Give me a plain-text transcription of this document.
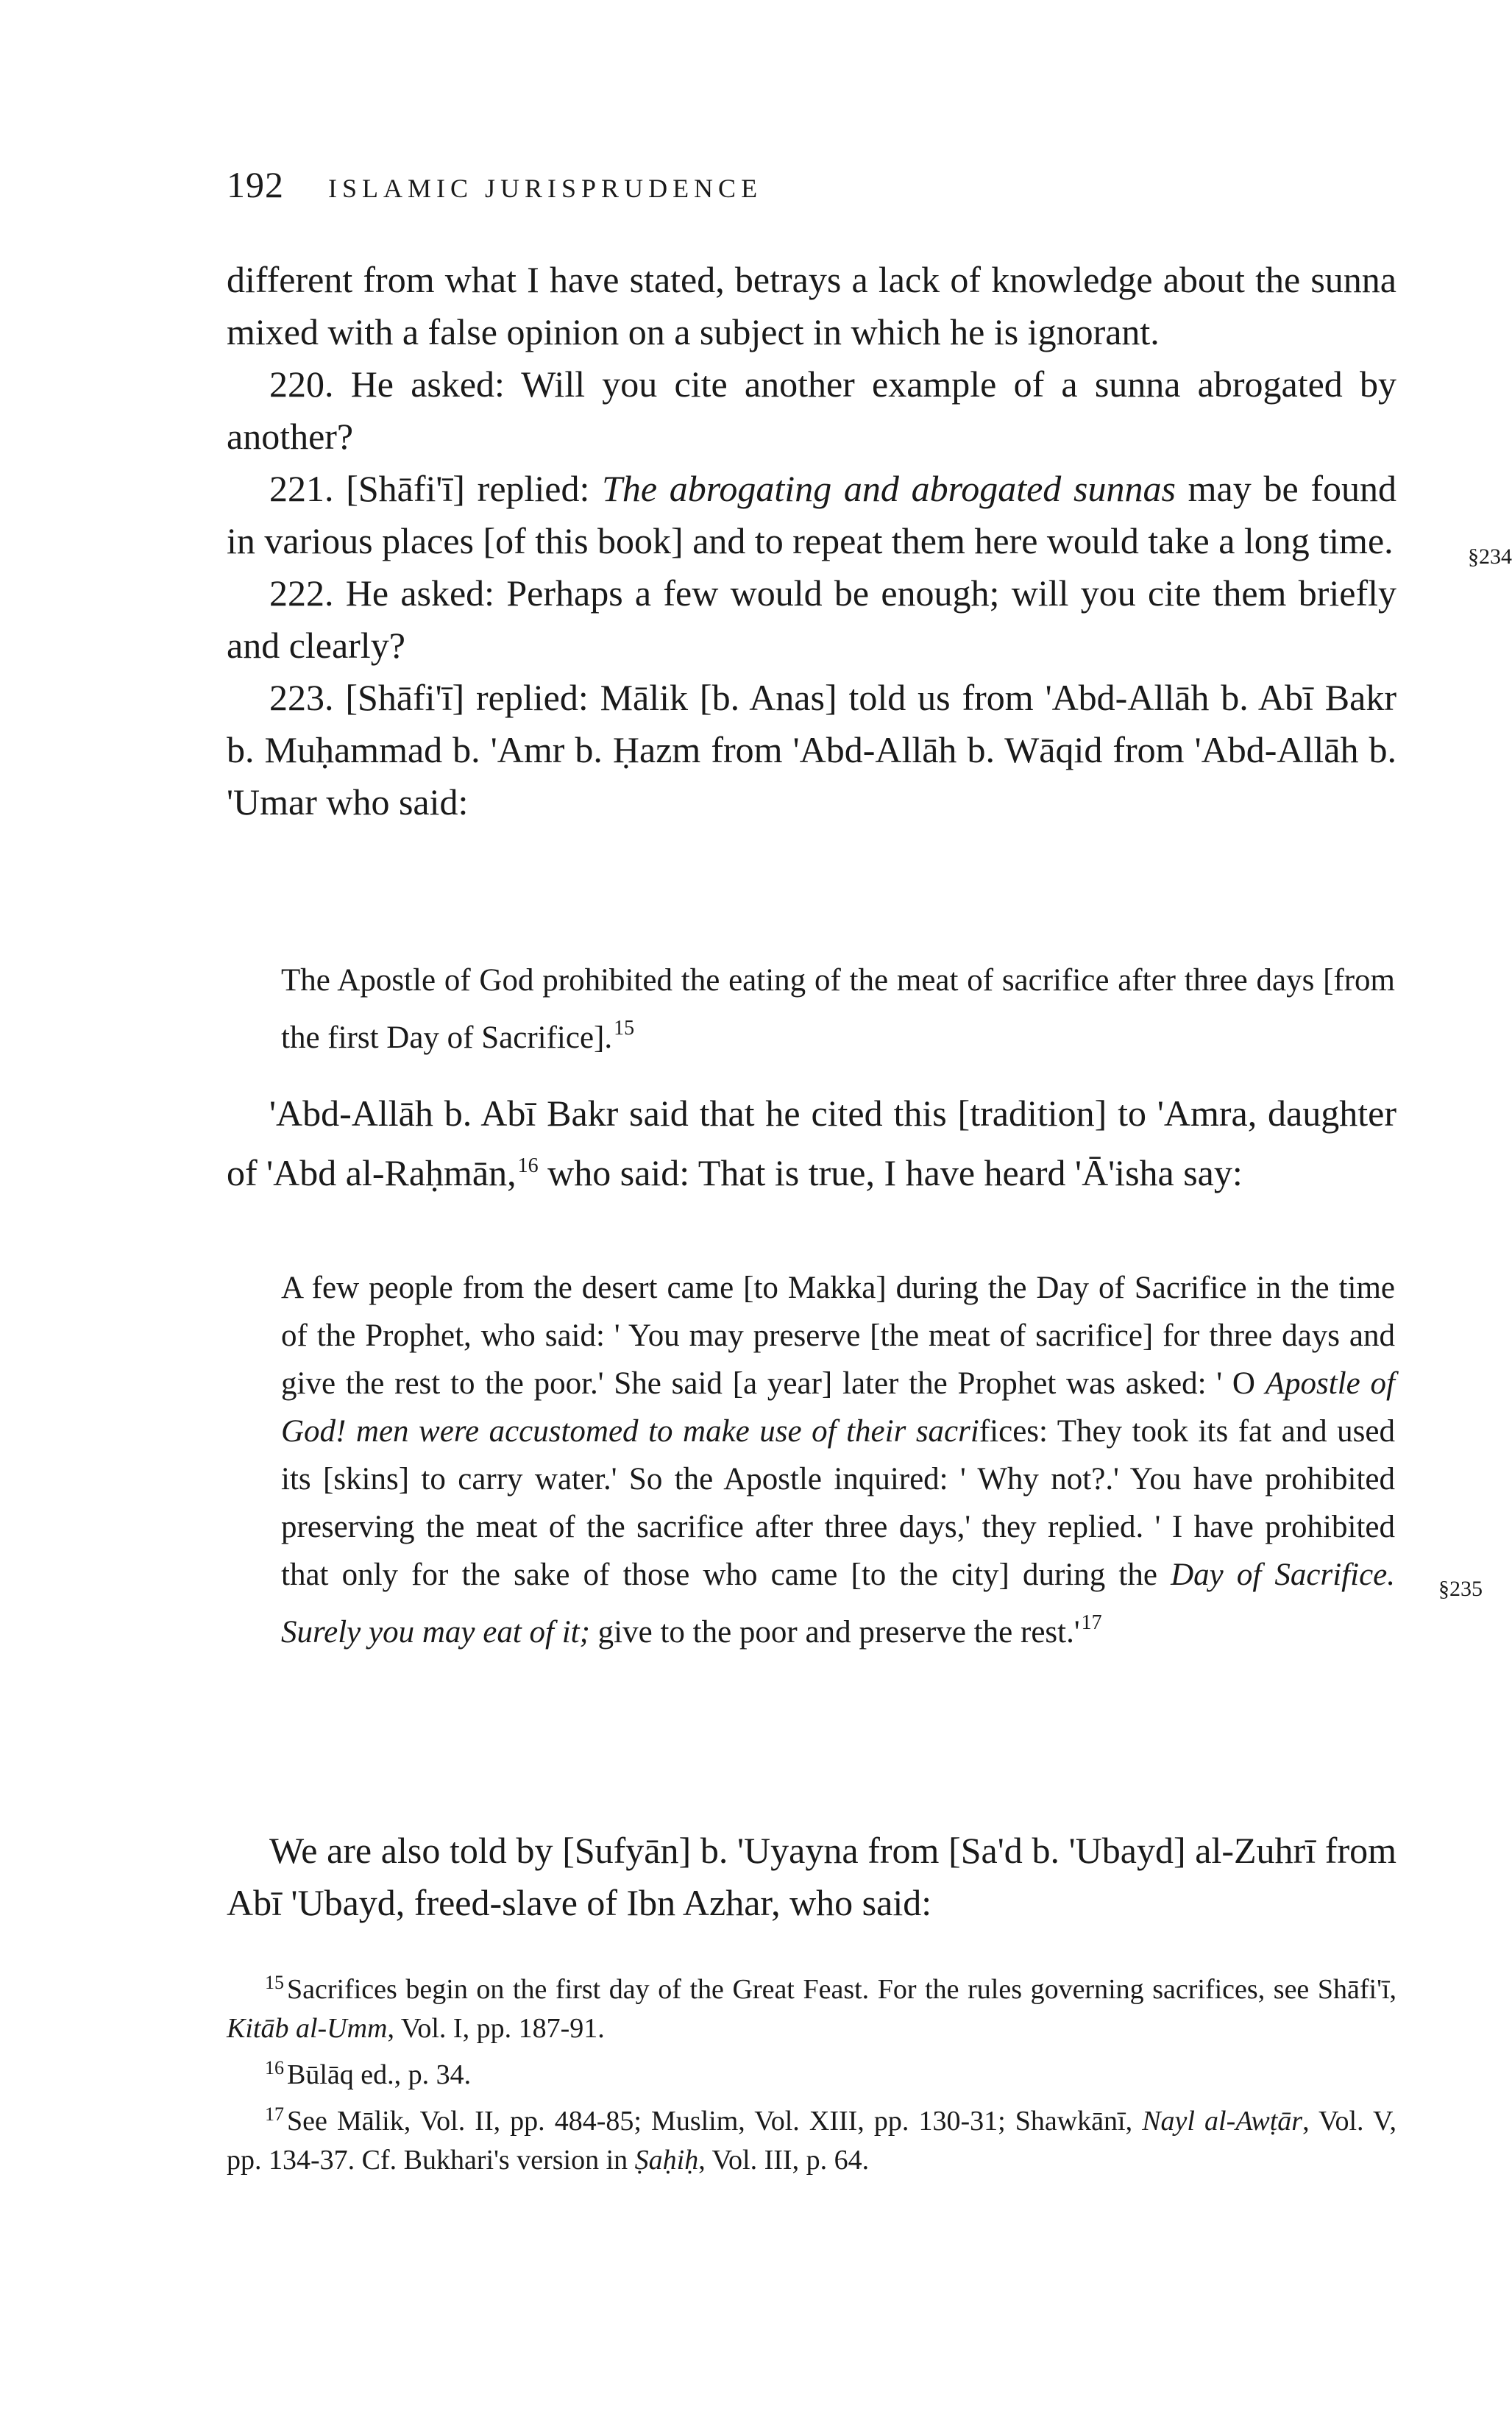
192 ISLAMIC JURISPRUDENCE
§234
§235

different from what I have stated, betrays a lack of knowledge about the sunna mixed with a false opinion on a subject in which he is ignorant.

220. He asked: Will you cite another example of a sunna abrogated by another?

221. [Shāfi'ī] replied: The abrogating and abrogated sunnas may be found in various places [of this book] and to repeat them here would take a long time.

222. He asked: Perhaps a few would be enough; will you cite them briefly and clearly?

223. [Shāfi'ī] replied: Mālik [b. Anas] told us from 'Abd-Allāh b. Abī Bakr b. Muḥammad b. 'Amr b. Ḥazm from 'Abd-Allāh b. Wāqid from 'Abd-Allāh b. 'Umar who said:

The Apostle of God prohibited the eating of the meat of sacrifice after three days [from the first Day of Sacrifice].$^{15}$

'Abd-Allāh b. Abī Bakr said that he cited this [tradition] to 'Amra, daughter of 'Abd al-Raḥmān,$^{16}$ who said: That is true, I have heard 'Ā'isha say:

A few people from the desert came [to Makka] during the Day of Sacrifice in the time of the Prophet, who said: ' You may preserve [the meat of sacrifice] for three days and give the rest to the poor.' She said [a year] later the Prophet was asked: ' O Apostle of God! men were accustomed to make use of their sacrifices: They took its fat and used its [skins] to carry water.' So the Apostle inquired: ' Why not?.' You have prohibited preserving the meat of the sacrifice after three days,' they replied. ' I have prohibited that only for the sake of those who came [to the city] during the Day of Sacrifice. Surely you may eat of it; give to the poor and preserve the $rest.'^{17}$

We are also told by [Sufyān] b. 'Uyayna from [Sa'd b. 'Ubayd] al-Zuhrī from Abī 'Ubayd, freed-slave of Ibn Azhar, who said:

$^{15}$ Sacrifices begin on the first day of the Great Feast. For the rules governing sacrifices, see Shāfi'ī, Kitāb al-Umm, Vol. I, pp. 187-91.

$^{16}$ Būlāq ed., p. 34.

$^{17}$ See Mālik, Vol. II, pp. 484-85; Muslim, Vol. XIII, pp. 130-31; Shawkānī, Nayl al-Awṭār, Vol. V, pp. 134-37. Cf. Bukhari's version in Ṣaḥiḥ, Vol. III, p. 64.
